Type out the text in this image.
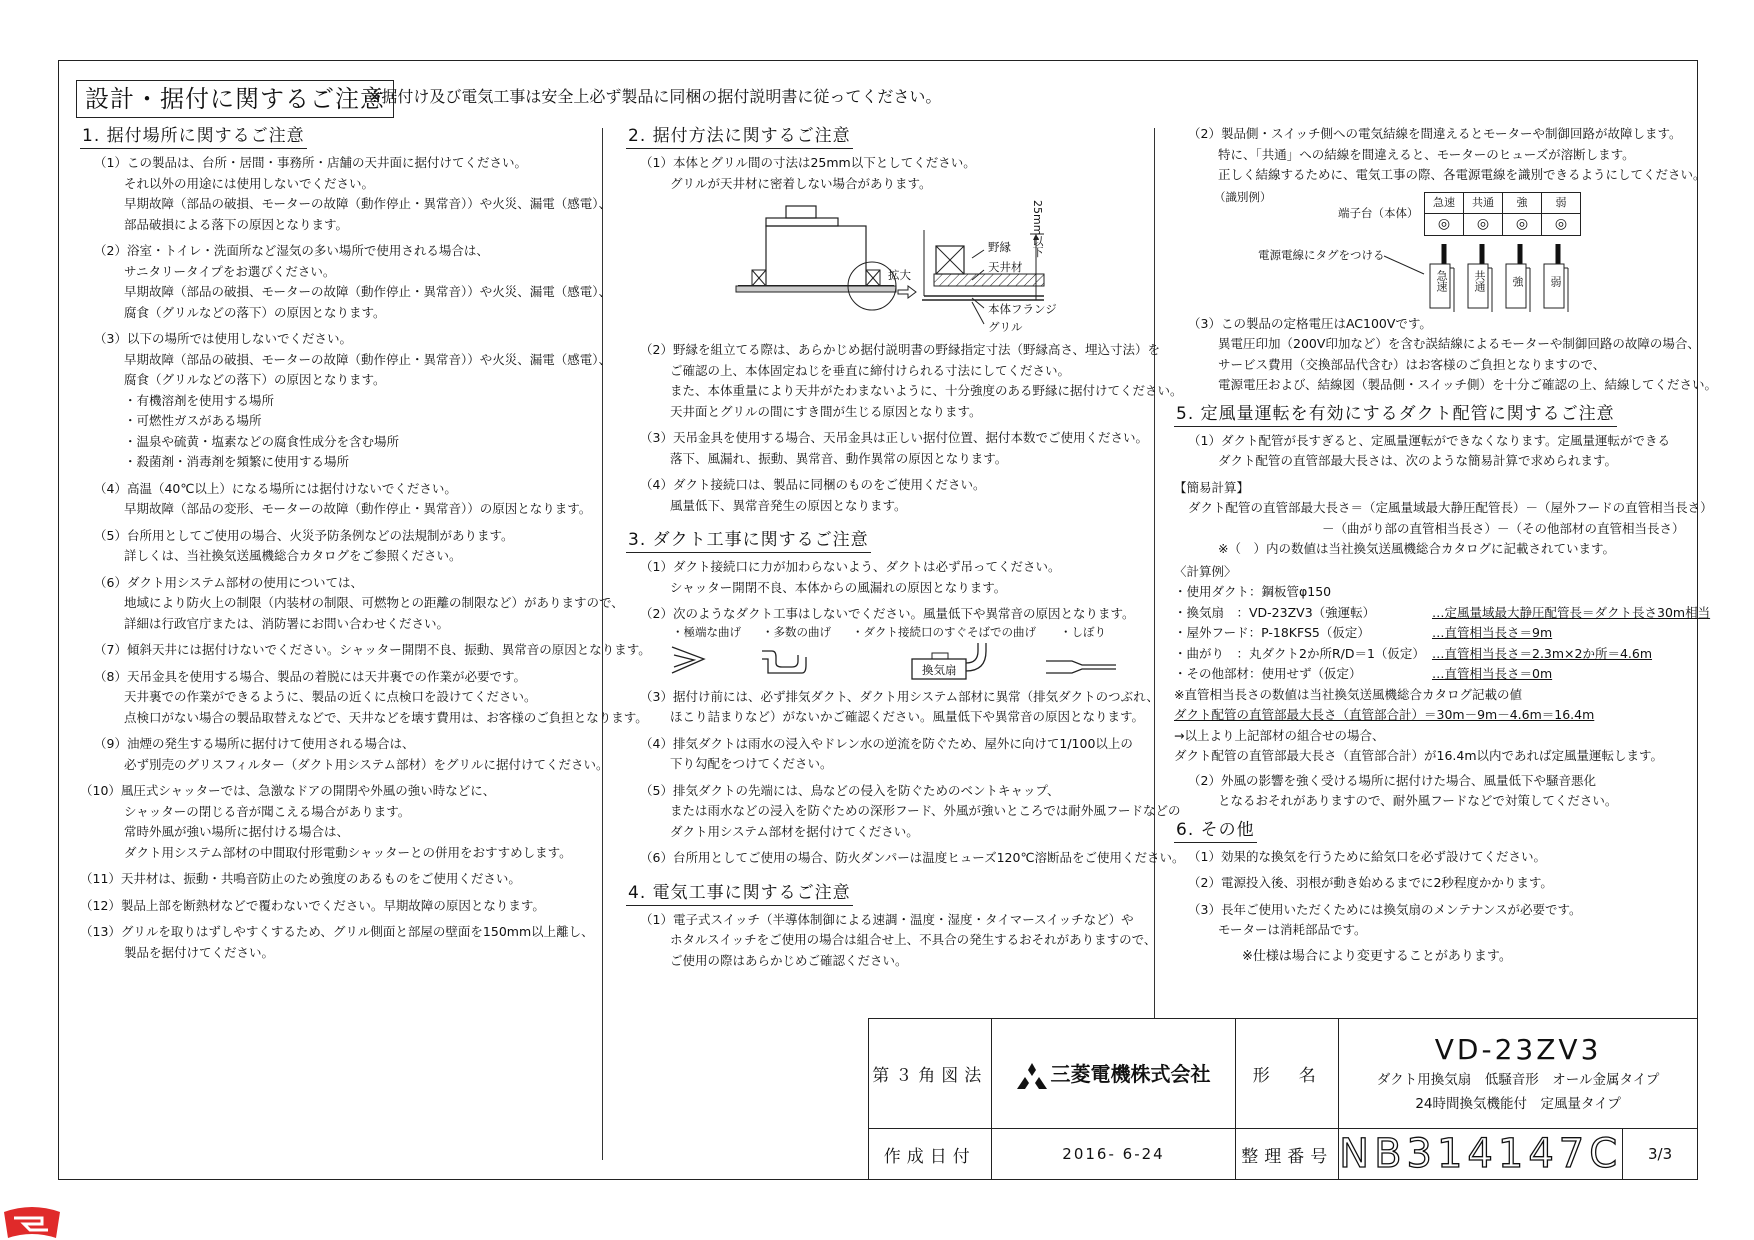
設計・据付に関するご注意
※据付け及び電気工事は安全上必ず製品に同梱の据付説明書に従ってください。
1. 据付場所に関するご注意
（1）この製品は、台所・居間・事務所・店舗の天井面に据付けてください。
それ以外の用途には使用しないでください。
早期故障（部品の破損、モーターの故障（動作停止・異常音））や火災、漏電（感電）、
部品破損による落下の原因となります。
（2）浴室・トイレ・洗面所など湿気の多い場所で使用される場合は、
サニタリータイプをお選びください。
早期故障（部品の破損、モーターの故障（動作停止・異常音））や火災、漏電（感電）、
腐食（グリルなどの落下）の原因となります。
（3）以下の場所では使用しないでください。
早期故障（部品の破損、モーターの故障（動作停止・異常音））や火災、漏電（感電）、
腐食（グリルなどの落下）の原因となります。
・有機溶剤を使用する場所
・可燃性ガスがある場所
・温泉や硫黄・塩素などの腐食性成分を含む場所
・殺菌剤・消毒剤を頻繁に使用する場所
（4）高温（40℃以上）になる場所には据付けないでください。
早期故障（部品の変形、モーターの故障（動作停止・異常音））の原因となります。
（5）台所用としてご使用の場合、火災予防条例などの法規制があります。
詳しくは、当社換気送風機総合カタログをご参照ください。
（6）ダクト用システム部材の使用については、
地域により防火上の制限（内装材の制限、可燃物との距離の制限など）がありますので、
詳細は行政官庁または、消防署にお問い合わせください。
（7）傾斜天井には据付けないでください。シャッター開閉不良、振動、異常音の原因となります。
（8）天吊金具を使用する場合、製品の着脱には天井裏での作業が必要です。
天井裏での作業ができるように、製品の近くに点検口を設けてください。
点検口がない場合の製品取替えなどで、天井などを壊す費用は、お客様のご負担となります。
（9）油煙の発生する場所に据付けて使用される場合は、
必ず別売のグリスフィルター（ダクト用システム部材）をグリルに据付けてください。
（10）風圧式シャッターでは、急激なドアの開閉や外風の強い時などに、
シャッターの閉じる音が聞こえる場合があります。
常時外風が強い場所に据付ける場合は、
ダクト用システム部材の中間取付形電動シャッターとの併用をおすすめします。
（11）天井材は、振動・共鳴音防止のため強度のあるものをご使用ください。
（12）製品上部を断熱材などで覆わないでください。早期故障の原因となります。
（13）グリルを取りはずしやすくするため、グリル側面と部屋の壁面を150mm以上離し、
製品を据付けてください。
2. 据付方法に関するご注意
（1）本体とグリル間の寸法は25mm以下としてください。
グリルが天井材に密着しない場合があります。
野縁
天井材
拡大
本体フランジ
グリル
25mm以下
（2）野縁を組立てる際は、あらかじめ据付説明書の野縁指定寸法（野縁高さ、埋込寸法）を
ご確認の上、本体固定ねじを垂直に締付けられる寸法にしてください。
また、本体重量により天井がたわまないように、十分強度のある野縁に据付けてください。
天井面とグリルの間にすき間が生じる原因となります。
（3）天吊金具を使用する場合、天吊金具は正しい据付位置、据付本数でご使用ください。
落下、風漏れ、振動、異常音、動作異常の原因となります。
（4）ダクト接続口は、製品に同梱のものをご使用ください。
風量低下、異常音発生の原因となります。
3. ダクト工事に関するご注意
（1）ダクト接続口に力が加わらないよう、ダクトは必ず吊ってください。
シャッター開閉不良、本体からの風漏れの原因となります。
（2）次のようなダクト工事はしないでください。風量低下や異常音の原因となります。
・極端な曲げ ・多数の曲げ ・ダクト接続口のすぐそばでの曲げ ・しぼり
換気扇
（3）据付け前には、必ず排気ダクト、ダクト用システム部材に異常（排気ダクトのつぶれ、
ほこり詰まりなど）がないかご確認ください。風量低下や異常音の原因となります。
（4）排気ダクトは雨水の浸入やドレン水の逆流を防ぐため、屋外に向けて1/100以上の
下り勾配をつけてください。
（5）排気ダクトの先端には、鳥などの侵入を防ぐためのベントキャップ、
または雨水などの浸入を防ぐための深形フード、外風が強いところでは耐外風フードなどの
ダクト用システム部材を据付けてください。
（6）台所用としてご使用の場合、防火ダンパーは温度ヒューズ120℃溶断品をご使用ください。
4. 電気工事に関するご注意
（1）電子式スイッチ（半導体制御による速調・温度・湿度・タイマースイッチなど）や
ホタルスイッチをご使用の場合は組合せ上、不具合の発生するおそれがありますので、
ご使用の際はあらかじめご確認ください。
（2）製品側・スイッチ側への電気結線を間違えるとモーターや制御回路が故障します。
特に、「共通」への結線を間違えると、モーターのヒューズが溶断します。
正しく結線するために、電気工事の際、各電源電線を識別できるようにしてください。
（識別例）
端子台（本体）
急速	共通	強	弱
◎	◎	◎	◎
電源電線にタグをつける
急速 共通 強 弱
（3）この製品の定格電圧はAC100Vです。
異電圧印加（200V印加など）を含む誤結線によるモーターや制御回路の故障の場合、
サービス費用（交換部品代含む）はお客様のご負担となりますので、
電源電圧および、結線図（製品側・スイッチ側）を十分ご確認の上、結線してください。
5. 定風量運転を有効にするダクト配管に関するご注意
（1）ダクト配管が長すぎると、定風量運転ができなくなります。定風量運転ができる
ダクト配管の直管部最大長さは、次のような簡易計算で求められます。
【簡易計算】
ダクト配管の直管部最大長さ＝（定風量域最大静圧配管長）－（屋外フードの直管相当長さ）
－（曲がり部の直管相当長さ）－（その他部材の直管相当長さ）
※（　）内の数値は当社換気送風機総合カタログに記載されています。
〈計算例〉
・使用ダクト：鋼板管φ150
・換気扇　：VD-23ZV3（強運転）	…定風量域最大静圧配管長＝ダクト長さ30m相当
・屋外フード：P-18KFS5（仮定）	…直管相当長さ＝9m
・曲がり　：丸ダクト2か所R/D＝1（仮定） …直管相当長さ＝2.3m×2か所＝4.6m
・その他部材：使用せず（仮定）	…直管相当長さ＝0m
※直管相当長さの数値は当社換気送風機総合カタログ記載の値
ダクト配管の直管部最大長さ（直管部合計）＝30m－9m－4.6m＝16.4m
→以上より上記部材の組合せの場合、
ダクト配管の直管部最大長さ（直管部合計）が16.4m以内であれば定風量運転します。
（2）外風の影響を強く受ける場所に据付けた場合、風量低下や騒音悪化
となるおそれがありますので、耐外風フードなどで対策してください。
6. その他
（1）効果的な換気を行うために給気口を必ず設けてください。
（2）電源投入後、羽根が動き始めるまでに2秒程度かかります。
（3）長年ご使用いただくためには換気扇のメンテナンスが必要です。
モーターは消耗部品です。
※仕様は場合により変更することがあります。
第３角図法	三菱電機株式会社	形　名	VD-23ZV3
ダクト用換気扇　低騒音形　オール金属タイプ
24時間換気機能付　定風量タイプ	

作成日付	2016- 6-24	整理番号	NB314147C	3/3
